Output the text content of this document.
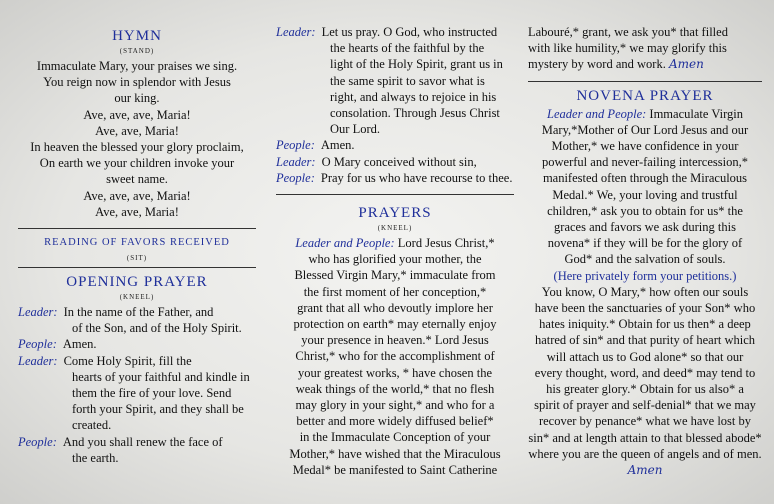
HYMN
(STAND)
Immaculate Mary, your praises we sing.
You reign now in splendor with Jesus
our king.
Ave, ave, ave, Maria!
Ave, ave, Maria!
In heaven the blessed your glory proclaim,
On earth we your children invoke your
sweet name.
Ave, ave, ave, Maria!
Ave, ave, Maria!
READING OF FAVORS RECEIVED
(SIT)
OPENING PRAYER
(KNEEL)
Leader: In the name of the Father, and
of the Son, and of the Holy Spirit.
People: Amen.
Leader: Come Holy Spirit, fill the
hearts of your faithful and kindle in
them the fire of your love. Send
forth your Spirit, and they shall be
created.
People: And you shall renew the face of
the earth.
Leader: Let us pray. O God, who instructed
the hearts of the faithful by the
light of the Holy Spirit, grant us in
the same spirit to savor what is
right, and always to rejoice in his
consolation. Through Jesus Christ
Our Lord.
People: Amen.
Leader: O Mary conceived without sin,
People: Pray for us who have recourse to thee.
PRAYERS
(KNEEL)
Leader and People: Lord Jesus Christ,*
who has glorified your mother, the
Blessed Virgin Mary,* immaculate from
the first moment of her conception,*
grant that all who devoutly implore her
protection on earth* may eternally enjoy
your presence in heaven.* Lord Jesus
Christ,* who for the accomplishment of
your greatest works, * have chosen the
weak things of the world,* that no flesh
may glory in your sight,* and who for a
better and more widely diffused belief*
in the Immaculate Conception of your
Mother,* have wished that the Miraculous
Medal* be manifested to Saint Catherine
Labouré,* grant, we ask you* that filled
with like humility,* we may glorify this
mystery by word and work. Amen
NOVENA PRAYER
Leader and People: Immaculate Virgin
Mary,*Mother of Our Lord Jesus and our
Mother,* we have confidence in your
powerful and never-failing intercession,*
manifested often through the Miraculous
Medal.* We, your loving and trustful
children,* ask you to obtain for us* the
graces and favors we ask during this
novena* if they will be for the glory of
God* and the salvation of souls.
(Here privately form your petitions.)
You know, O Mary,* how often our souls
have been the sanctuaries of your Son* who
hates iniquity.* Obtain for us then* a deep
hatred of sin* and that purity of heart which
will attach us to God alone* so that our
every thought, word, and deed* may tend to
his greater glory.* Obtain for us also* a
spirit of prayer and self-denial* that we may
recover by penance* what we have lost by
sin* and at length attain to that blessed abode*
where you are the queen of angels and of men.
Amen
